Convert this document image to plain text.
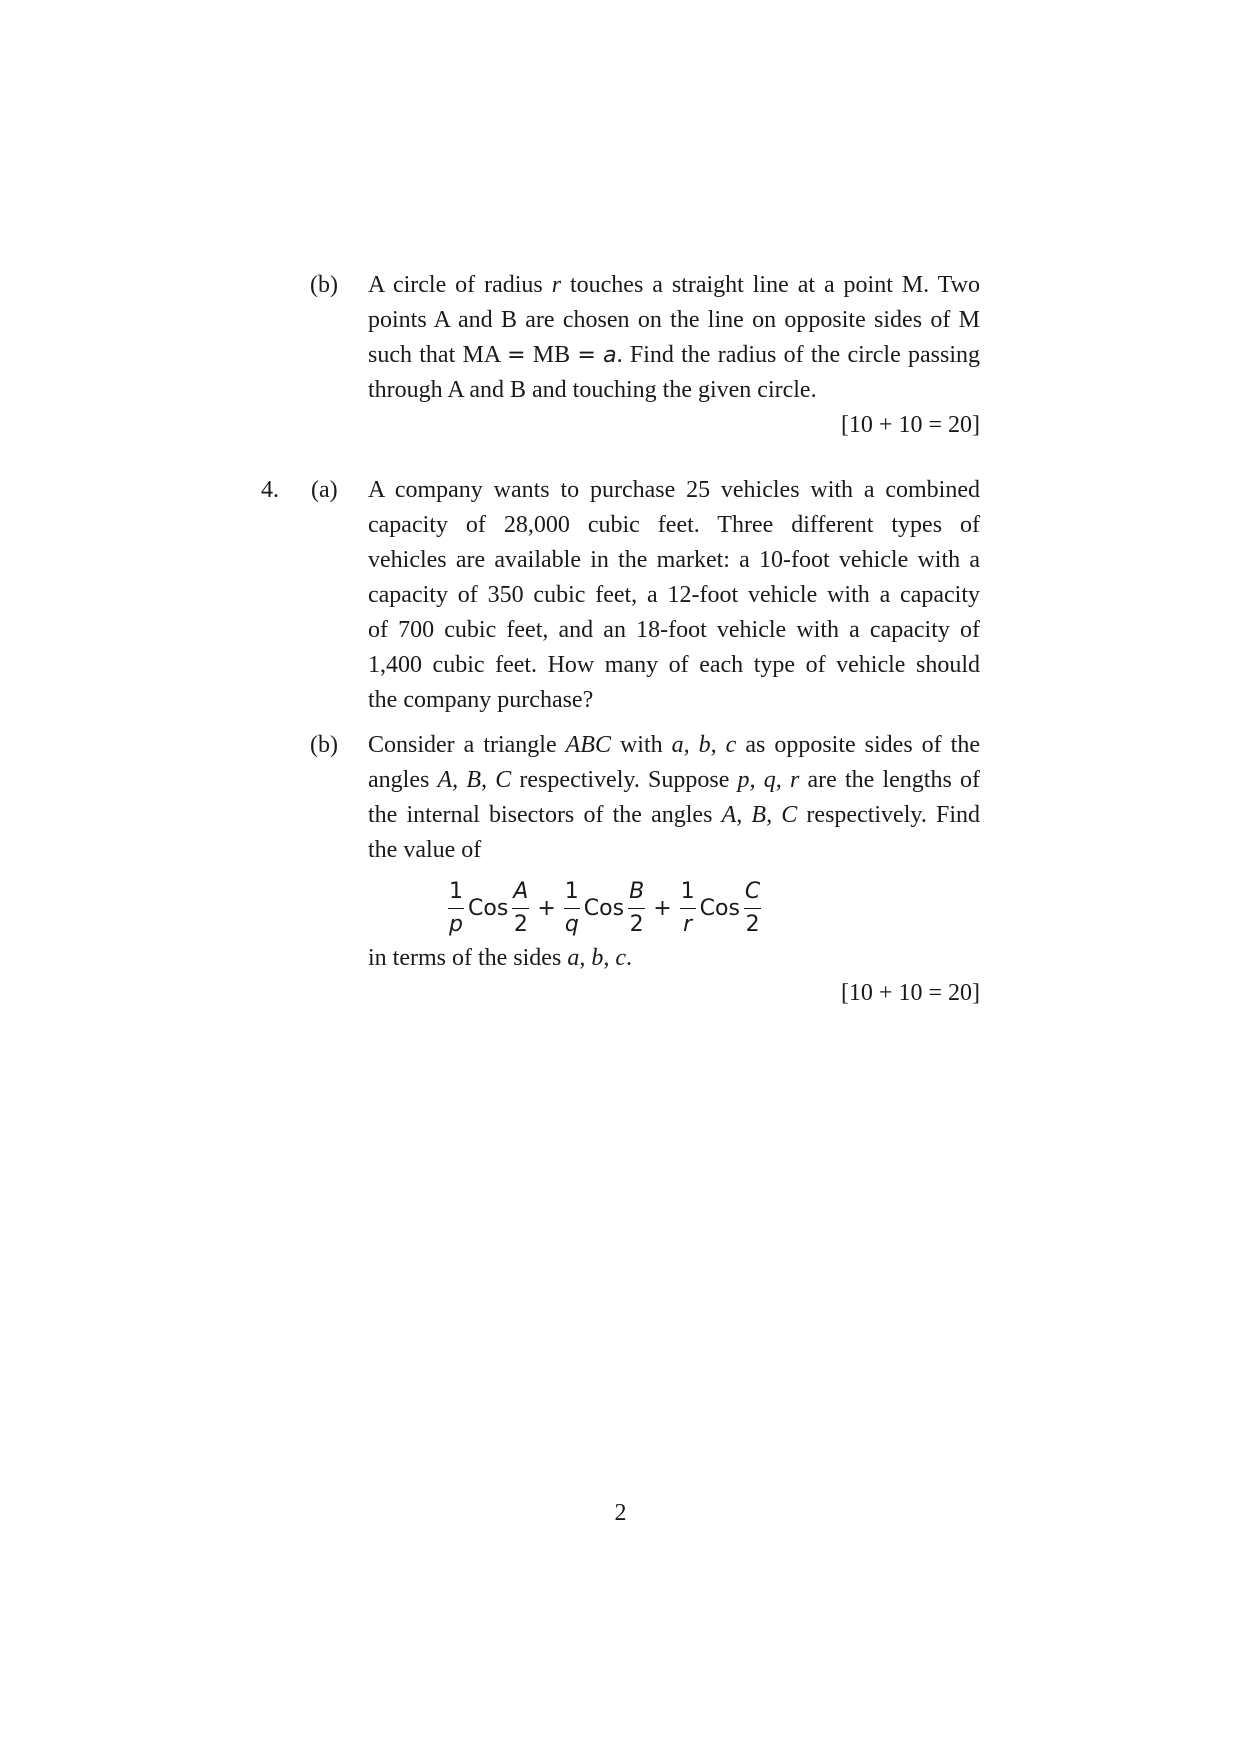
(b) A circle of radius r touches a straight line at a point M. Two
points A and B are chosen on the line on opposite sides of M
such that MA = MB = a. Find the radius of the circle passing
through A and B and touching the given circle.
[10 + 10 = 20]
4. (a) A company wants to purchase 25 vehicles with a combined
capacity of 28,000 cubic feet. Three different types of
vehicles are available in the market: a 10-foot vehicle with a
capacity of 350 cubic feet, a 12-foot vehicle with a capacity
of 700 cubic feet, and an 18-foot vehicle with a capacity of
1,400 cubic feet. How many of each type of vehicle should
the company purchase?
(b) Consider a triangle ABC with a, b, c as opposite sides of the
angles A, B, C respectively. Suppose p, q, r are the lengths of
the internal bisectors of the angles A, B, C respectively. Find
the value of
$\frac{1}{p}$ Cos $\frac{A}{2} + \frac{1}{q}$ Cos $\frac{B}{2} + \frac{1}{r}$ Cos $\frac{C}{2}$
in terms of the sides a, b, c.
[10 + 10 = 20]
2
